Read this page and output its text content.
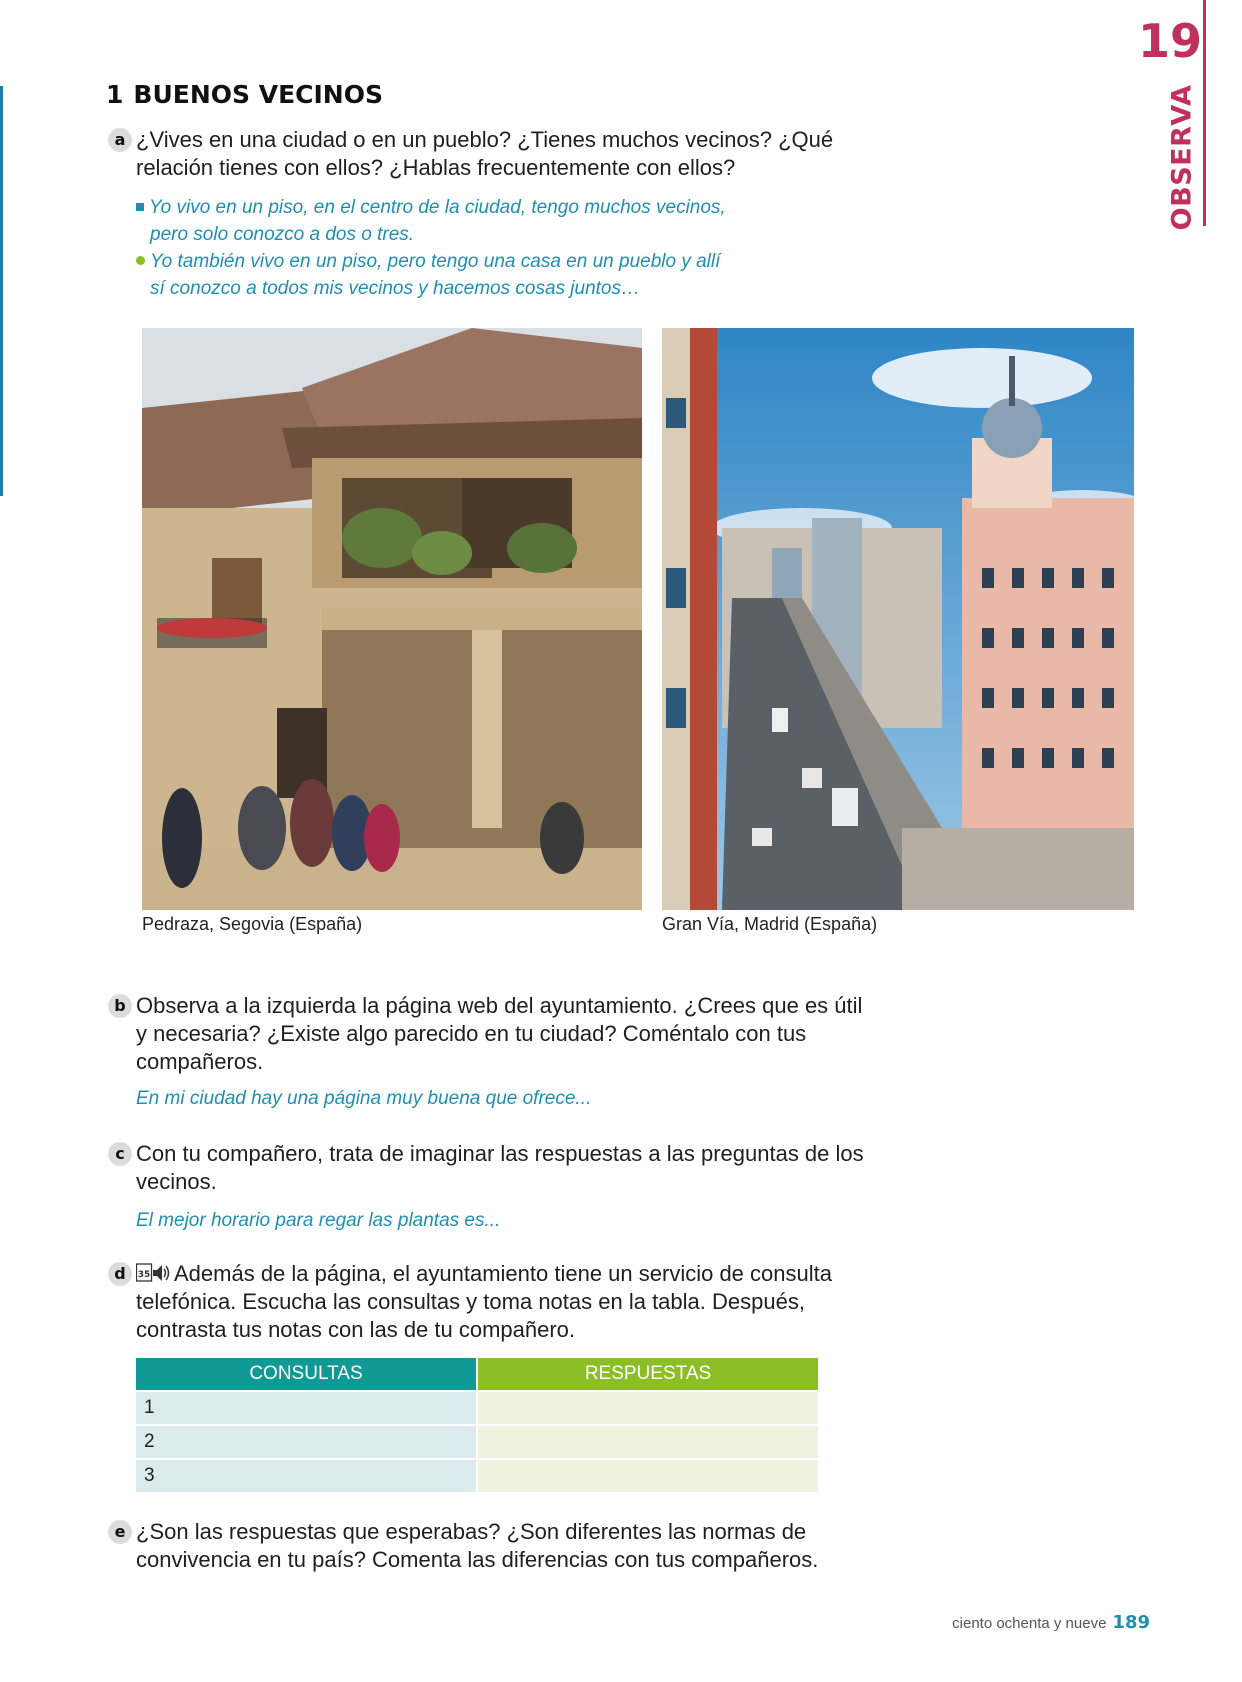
19
OBSERVA
1 BUENOS VECINOS
a ¿Vives en una ciudad o en un pueblo? ¿Tienes muchos vecinos? ¿Qué relación tienes con ellos? ¿Hablas frecuentemente con ellos?
Yo vivo en un piso, en el centro de la ciudad, tengo muchos vecinos,
pero solo conozco a dos o tres.
Yo también vivo en un piso, pero tengo una casa en un pueblo y allí
sí conozco a todos mis vecinos y hacemos cosas juntos…
Pedraza, Segovia (España)	Gran Vía, Madrid (España)
b Observa a la izquierda la página web del ayuntamiento. ¿Crees que es útil y necesaria? ¿Existe algo parecido en tu ciudad? Coméntalo con tus compañeros.
En mi ciudad hay una página muy buena que ofrece...
c Con tu compañero, trata de imaginar las respuestas a las preguntas de los vecinos.
El mejor horario para regar las plantas es...
d	35 Además de la página, el ayuntamiento tiene un servicio de consulta telefónica. Escucha las consultas y toma notas en la tabla. Después, contrasta tus notas con las de tu compañero.
CONSULTAS	RESPUESTAS
1	
2	
3	
e ¿Son las respuestas que esperabas? ¿Son diferentes las normas de convivencia en tu país? Comenta las diferencias con tus compañeros.
ciento ochenta y nueve 189
